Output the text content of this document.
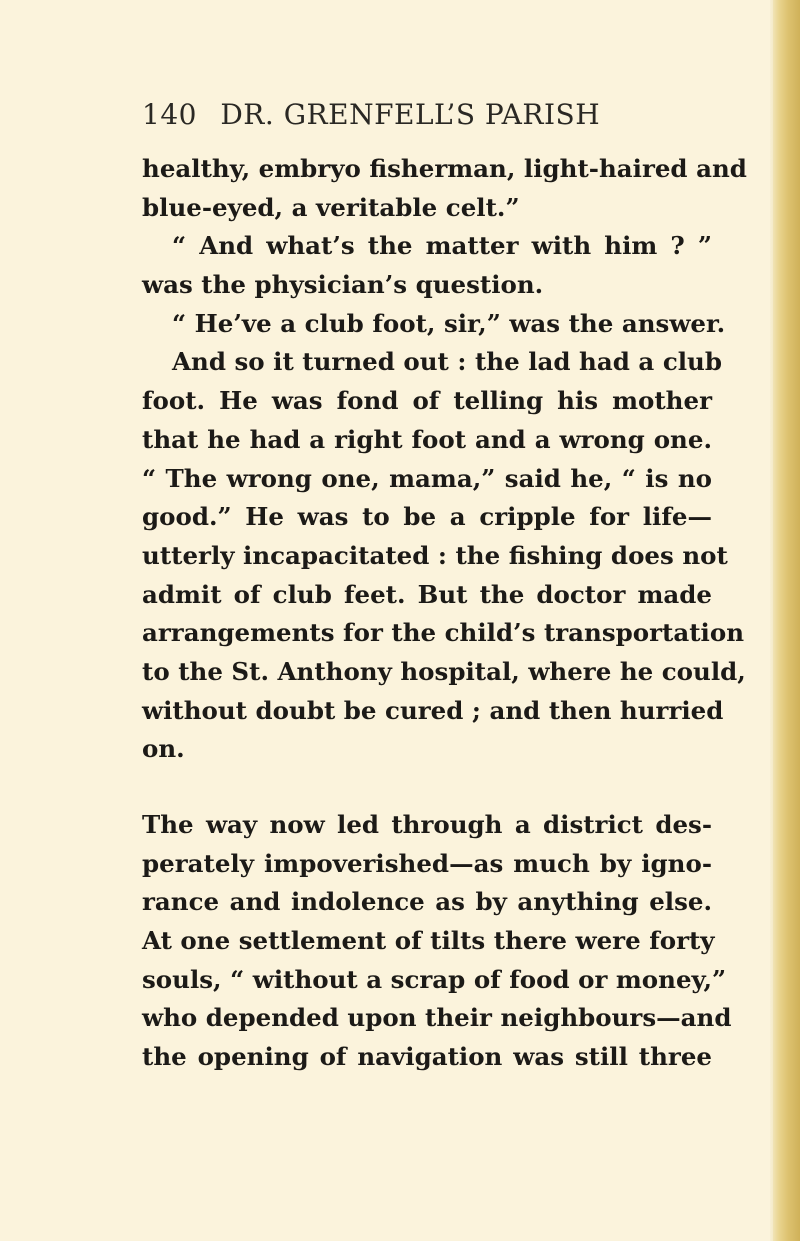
140 DR. GRENFELL’S PARISH
healthy, embryo fisherman, light-haired and
blue-eyed, a veritable celt.”
“ And what’s the matter with him ? ”
was the physician’s question.
“ He’ve a club foot, sir,” was the answer.
And so it turned out : the lad had a club
foot. He was fond of telling his mother
that he had a right foot and a wrong one.
“ The wrong one, mama,” said he, “ is no
good.” He was to be a cripple for life—
utterly incapacitated : the fishing does not
admit of club feet. But the doctor made
arrangements for the child’s transportation
to the St. Anthony hospital, where he could,
without doubt be cured ; and then hurried
on.
The way now led through a district des-
perately impoverished—as much by igno-
rance and indolence as by anything else.
At one settlement of tilts there were forty
souls, “ without a scrap of food or money,”
who depended upon their neighbours—and
the opening of navigation was still three
